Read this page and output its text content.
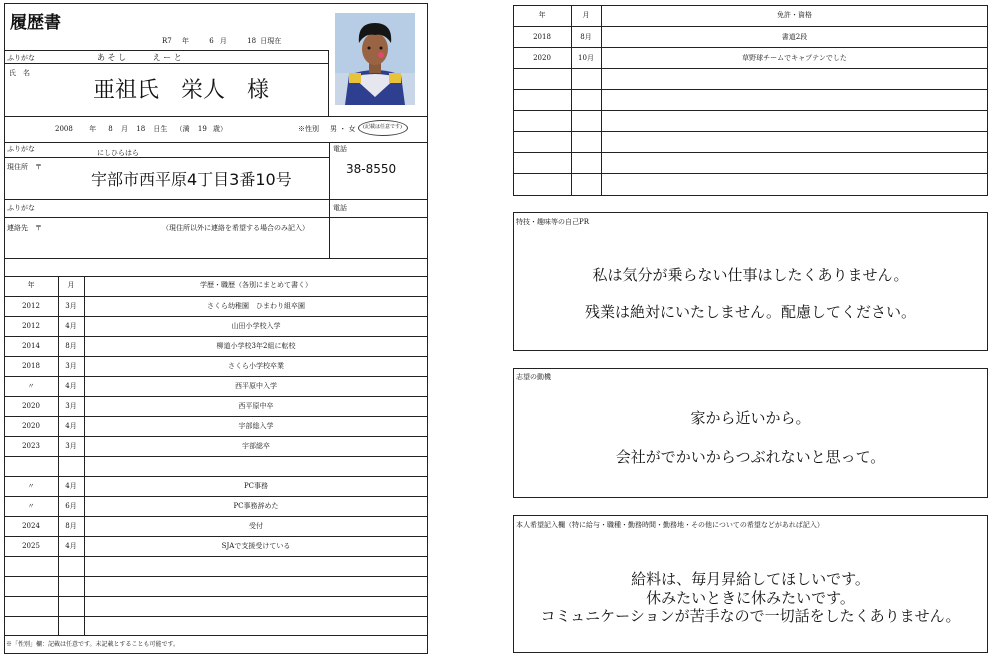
履歴書
R7 年	6 月	18 日現在
ふりがな	あ そ し　　　 え ー と
氏　名
亜祖氏　栄人　様
2008 年 8 月 18 日生 （満 19 歳）	※性別 男 ・ 女 (記載は任意です)
ふりがな	にしひらはら
現住所　〒
宇部市西平原4丁目3番10号
電話
38-8550
ふりがな
連絡先　〒	（現住所以外に連絡を希望する場合のみ記入）
電話
年	月	学歴・職歴（各別にまとめて書く）
2012	3月	さくら幼稚園　ひまわり組卒園
2012	4月	山田小学校入学
2014	8月	柳道小学校3年2組に転校
2018	3月	さくら小学校卒業
〃	4月	西平原中入学
2020	3月	西平原中卒
2020	4月	宇部総入学
2023	3月	宇部総卒
〃	4月	PC事務
〃	6月	PC事務辞めた
2024	8月	受付
2025	4月	SJAで支援受けている
※「性別」欄：記載は任意です。未記載とすることも可能です。
年	月	免許・資格
2018	8月	書道2段
2020	10月	草野球チームでキャプテンでした
特技・趣味等の自己PR
私は気分が乗らない仕事はしたくありません。
残業は絶対にいたしません。配慮してください。
志望の動機
家から近いから。
会社がでかいからつぶれないと思って。
本人希望記入欄（特に給与・職種・勤務時間・勤務地・その他についての希望などがあれば記入）
給料は、毎月昇給してほしいです。
休みたいときに休みたいです。
コミュニケーションが苦手なので一切話をしたくありません。
